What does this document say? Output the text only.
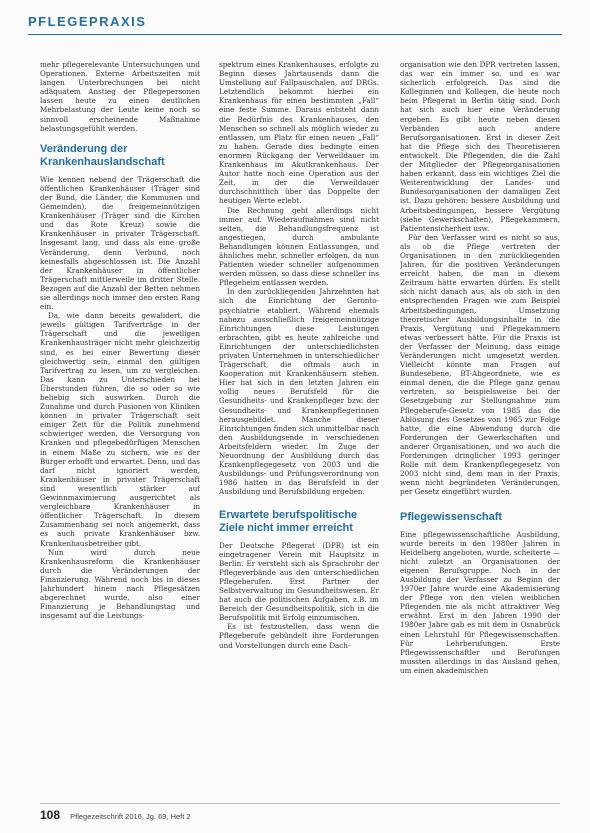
PFLEGEPRAXIS

mehr pflegerelevante Untersuchungen und Operationen. Externe Arbeitszeiten mit langen Unterbrechungen bei nicht adäquatem Anstieg der Pflegepersonen lassen heute zu einen deutlichen Mehrbelastung der Leute keine noch so sinnvoll erscheinende Maßnahme belastungsgefühlt werden.

Veränderung der Krankenhauslandschaft

Wie kennen nebend der Trägerschaft die öffentlichen Krankenhäuser (Träger sind der Bund, die Länder, die Kommunen und Gemeinden), die freigemeinnützigen Krankenhäuser (Träger sind die Kirchen und das Rote Kreuz) sowie die Krankenhäuser in privater Trägerschaft. Insgesamt lang, und dass als eine große Veränderung, denn Verbund, noch keinesfalls abgeschlossen ist. Die Anzahl der Krankenhäuser in öffentlicher Trägerschaft mittlerweile im dritter Stelle. Bezogen auf die Anzahl der Betten nehmen sie allerdings noch immer den ersten Rang ein.

Da, wie dann bereits gewalidert, die jeweils gültigen Tarifverträge in der Trägerschaft und die jeweiligen Krankenhausträger nicht mehr gleichzeitig sind, es bei einer Bewertung dieser gleichwertig sein, einmal den gültigen Tarifvertrag zu lesen, um zu vergleichen. Das kann zu Unterschieden bei Überstunden führen, die so oder so wie beliebig sich auswirken. Durch die Zunahme und durch Fusionen von Kliniken können in privater Trägerschaft seit einiger Zeit für die Politik zunehmend schwieriger werden, die Versorgung von Kranken und pflegebedürftigen Menschen in einem Maße zu sichern, wie es der Bürger erhofft und erwartet. Denn, und das darf nicht ignoriert werden, Krankenhäuser in privater Trägerschaft sind wesentlich stärker auf Gewinnmaximierung ausgerichtet als vergleichbare Krankenhäuser in öffentlicher Trägerschaft. In diesem Zusammenhang sei noch angemerkt, dass es auch private Krankenhäuser bzw. Krankenhausbetreiber gibt.

Nun wird durch neue Krankenhausreform die Krankenhäuser durch die Veränderungen der Finanzierung. Während noch bis in dieses Jahrhundert hinein nach Pflegesätzen abgerechnet wurde, also einer Finanzierung je Behandlungstag und insgesamt auf die Leistungs-

spektrum eines Krankenhauses, erfolgte zu Beginn dieses Jahrtausends dann die Umstellung auf Fallpauschalen, auf DRGs. Letztendlich bekommt hierbei ein Krankenhaus für einen bestimmten „Fall“ eine feste Summe. Daraus entsteht dann die Bedürfnis des Krankenhauses, den Menschen so schnell als möglich wieder zu entlassen, um Platz für einen neuen „Fall“ zu haben. Gerade dies bedingte einen enormen Rückgang der Verweildauer im Krankenhaus im Akutkrankenhaus. Der Autor hatte noch eine Operation aus der Zeit, in der die Verweildauer durchschnittlich über das Doppelte der heutigen Werte erlebt.

Die Rechnung geht allerdings nicht immer auf. Wiederaufnahmen sind nicht selten, die Behandlungsfrequenz ist angestiegen, durch ambulante Behandlungen können Entlassungen, und ähnliches mehr, schneller erfolgen, da nun Patienten wieder schneller aufgenommen werden müssen, so dass diese schneller ins Pflegeheim entlassen werden.

In den zurückliegenden Jahrzehnten hat sich die Einrichtung der Geronto-psychiatrie etabliert. Während ehemals nahezu ausschließlich freigemeinnützige Einrichtungen diese Leistungen erbrachten, gibt es heute zahlreiche und Einrichtungen der unterschiedlichsten privaten Unternehmen in unterschiedlicher Trägerschaft, die oftmals auch in Kooperation mit Krankenhäusern stehen. Hier hat sich in den letzten Jahren ein vollig neues Berufsfeld für die Gesundheits- und Krankenpfleger bzw. der Gesundheits- und Krankenpflegerinnen herausgebildet. Manche dieser Einrichtungen finden sich unmittelbar nach den Ausbildungsende in verschiedenen Arbeitsfeldern wieder. Im Zuge der Neuordnung der Ausbildung durch das Krankenpflegegesetz von 2003 und die Ausbildungs- und Prüfungsverordnung von 1986 hatten in das Berufsfeld in der Ausbildung und Berufsbildung ergeben.

Erwartete berufspolitische Ziele nicht immer erreicht

Der Deutsche Pflegerat (DPR) ist ein eingetragener Verein mit Hauptsitz in Berlin. Er versteht sich als Sprachrohr der Pflegeverbände aus den unterschiedlichen Pflegeberufen. Erst Partner der Selbstverwaltung im Gesundheitswesen. Er hat auch die politischen Aufgaben, z.B. im Bereich der Gesundheitspolitik, sich in die Berufspolitik mit Erfolg einzumischen.

Es ist festzustellen, dass wenn die Pflegeberufe gebündelt ihre Forderungen und Vorstellungen durch eine Dach-

organisation wie den DPR vertreten lassen, das war ein immer so, und es war sicherlich erfolgreich. Das sind die Kolleginnen und Kollegen, die heute noch beim Pflegerat in Berlin tätig sind. Doch hat sich auch hier eine Veränderung ergeben. Es gibt heute neben diesen Verbänden auch andere Berufsorganisationen. Erst in dieser Zeit hat die Pflege sich des Theoretisieren entwickelt. Die Pflegenden, die die Zahl der Mitglieder der Pflegeorganisationen haben erkannt, dass ein wichtiges Ziel die Weiterentwicklung der Landes- und Bundesorganisationen der damaligen Zeit ist. Dazu gehören: bessere Ausbildung und Arbeitsbedingungen, bessere Vergütung (siehe Gewerkschaften), Pflegekammern, Patientensicherheit usw.

Für den Verfasser wird es nicht so aus, als ob die Pflege vertreten der Organisationen in den zurückliegenden Jahren, für die positiven Veränderungen erreicht haben, die man in diesem Zeitraum hätte erwarten dürfen. Es stellt sich nicht danach aus, als ob sich in den entsprechenden Fragen wie zum Beispiel Arbeitsbedingungen, Umsetzung theoretischer Ausbildungsinhalte in die Praxis, Vergütung und Pflegekammern etwas verbessert hätte. Für die Praxis ist der Verfasser der Meinung, dass einige Veränderungen nicht umgesetzt werden. Vielleicht könnte man Fragen auf Bundesebene, BT-Abgeordnete, wie es einmal denen, die die Pflege ganz genau vertreten, so beispielsweise bei der Gesetzgebung zur Stellungnahme zum Pflegeberufe-Gesetz von 1985 das die Ablösung des Gesetzes von 1965 zur Folge hatte, die eine Abwendung durch die Forderungen der Gewerkschaften und anderer Organisationen, und wo auch die Forderungen dringlicher 1993 geringer Rolle mit dem Krankenpflegegesetz von 2003 nicht sind, dem man in der Praxis, wenn nicht begründeten Veränderungen, per Gesetz eingeführt wurden.

Pflegewissenschaft

Eine pflegewissenschaftliche Ausbildung, wurde bereits in den 1980er Jahren in Heidelberg angeboten, wurde, scheiterte — nicht zuletzt an Organisationen der eigenen Berufsgruppe. Noch in der Ausbildung der Verfasser zu Beginn der 1970er Jahre wurde eine Akademisierung der Pflege von den vielen weiblichen Pflegenden nie als nicht attraktiver Weg erwähnt. Erst in den Jahren 1990 der 1980er Jahre gab es mit dem in Osnabrück einen Lehrstuhl für Pflegewissenschaften. Für Lehrberufungen. Erste Pflegewissenschaftler und Berufungen mussten allerdings in das Ausland gehen, um einen akademischen

108 Pflegezeitschrift 2016, Jg. 69, Heft 2
